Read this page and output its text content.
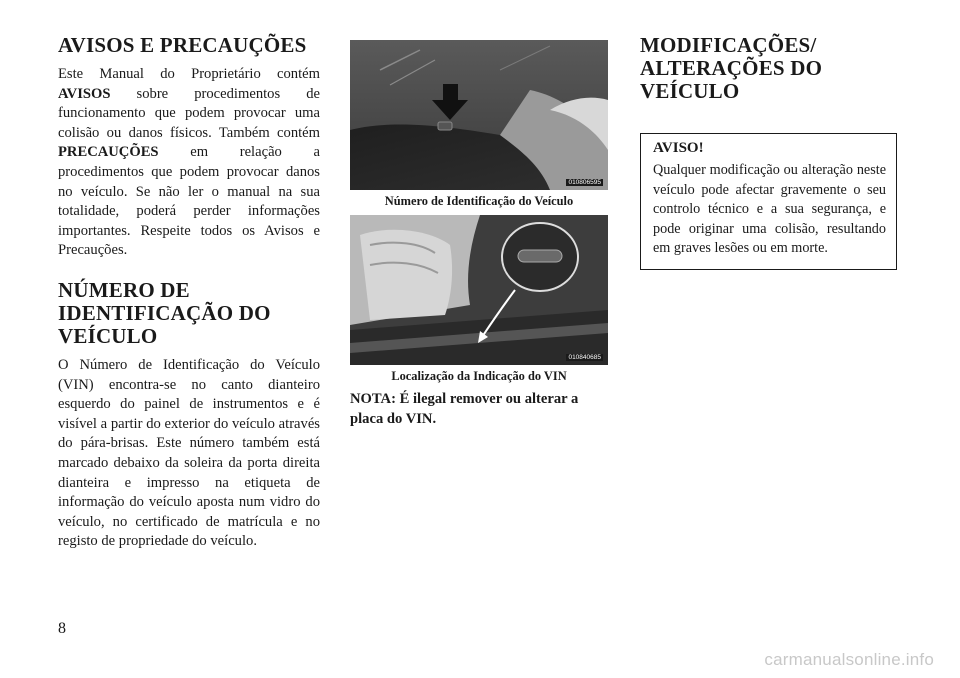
AVISOS E PRECAUÇÕES

Este Manual do Proprietário contém AVISOS sobre procedimentos de funcionamento que podem provocar uma colisão ou danos físicos. Também contém PRECAUÇÕES em relação a procedimentos que podem provocar danos no veículo. Se não ler o manual na sua totalidade, poderá perder informações importantes. Respeite todos os Avisos e Precauções.

NÚMERO DE IDENTIFICAÇÃO DO VEÍCULO

O Número de Identificação do Veículo (VIN) encontra-se no canto dianteiro esquerdo do painel de instrumentos e é visível a partir do exterior do veículo através do pára-brisas. Este número também está marcado debaixo da soleira da porta direita dianteira e impresso na etiqueta de informação do veículo aposta num vidro do veículo, no certificado de matrícula e no registo de propriedade do veículo.

010806595
Número de Identificação do Veículo
010840685
Localização da Indicação do VIN

NOTA: É ilegal remover ou alterar a placa do VIN.

MODIFICAÇÕES/ ALTERAÇÕES DO VEÍCULO
AVISO!

Qualquer modificação ou alteração neste veículo pode afectar gravemente o seu controlo técnico e a sua segurança, e pode originar uma colisão, resultando em graves lesões ou em morte.

8
carmanualsonline.info
